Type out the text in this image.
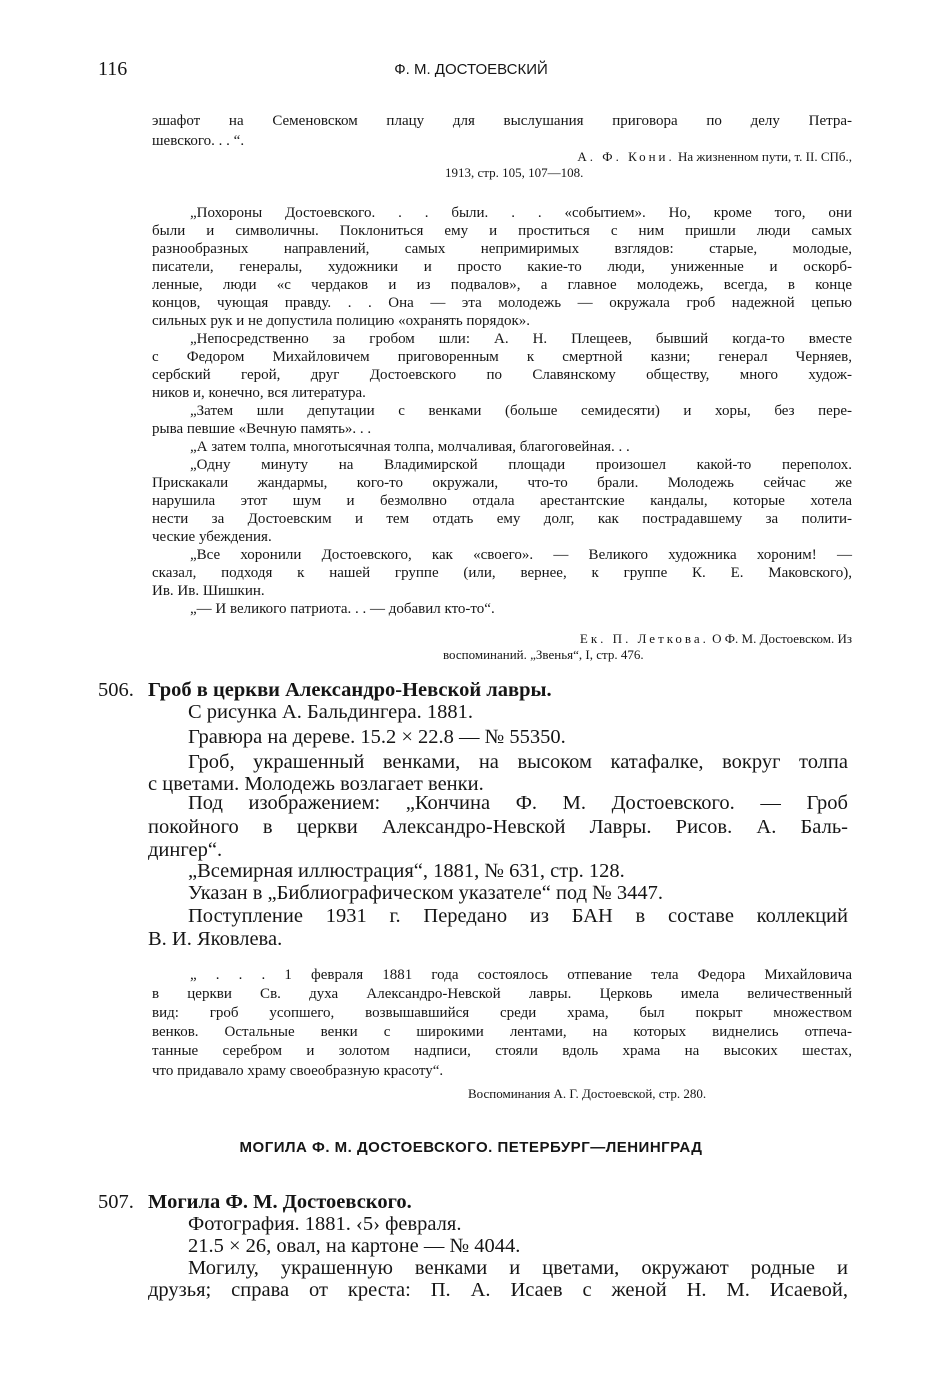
116	Ф. М. ДОСТОЕВСКИЙ
эшафот на Семеновском плацу для выслушания приговора по делу Петра-
шевского. . . “.
А. Ф. Кони. На жизненном пути, т. II. СПб.,
1913, стр. 105, 107—108.
„Похороны Достоевского. . . были. . . «событием». Но, кроме того, они
были и символичны. Поклониться ему и проститься с ним пришли люди самых
разнообразных направлений, самых непримиримых взглядов: старые, молодые,
писатели, генералы, художники и просто какие-то люди, униженные и оскорб-
ленные, люди «с чердаков и из подвалов», а главное молодежь, всегда, в конце
концов, чующая правду. . . Она — эта молодежь — окружала гроб надежной цепью
сильных рук и не допустила полицию «охранять порядок».
„Непосредственно за гробом шли: А. Н. Плещеев, бывший когда-то вместе
с Федором Михайловичем приговоренным к смертной казни; генерал Черняев,
сербский герой, друг Достоевского по Славянскому обществу, много худож-
ников и, конечно, вся литература.
„Затем шли депутации с венками (больше семидесяти) и хоры, без пере-
рыва певшие «Вечную память». . .
„А затем толпа, многотысячная толпа, молчаливая, благоговейная. . .
„Одну минуту на Владимирской площади произошел какой-то переполох.
Прискакали жандармы, кого-то окружали, что-то брали. Молодежь сейчас же
нарушила этот шум и безмолвно отдала арестантские кандалы, которые хотела
нести за Достоевским и тем отдать ему долг, как пострадавшему за полити-
ческие убеждения.
„Все хоронили Достоевского, как «своего». — Великого художника хороним! —
сказал, подходя к нашей группе (или, вернее, к группе К. Е. Маковского),
Ив. Ив. Шишкин.
„— И великого патриота. . . — добавил кто-то“.
Ек. П. Леткова. О Ф. М. Достоевском. Из
воспоминаний. „Звенья“, I, стр. 476.
506. Гроб в церкви Александро-Невской лавры.
С рисунка А. Бальдингера. 1881.
Гравюра на дереве. 15.2 × 22.8 — № 55350.
Гроб, украшенный венками, на высоком катафалке, вокруг толпа
с цветами. Молодежь возлагает венки.
Под изображением: „Кончина Ф. М. Достоевского. — Гроб
покойного в церкви Александро-Невской Лавры. Рисов. А. Баль-
дингер“.
„Всемирная иллюстрация“, 1881, № 631, стр. 128.
Указан в „Библиографическом указателе“ под № 3447.
Поступление 1931 г. Передано из БАН в составе коллекций
В. И. Яковлева.
„ . . . 1 февраля 1881 года состоялось отпевание тела Федора Михайловича
в церкви Св. духа Александро-Невской лавры. Церковь имела величественный
вид: гроб усопшего, возвышавшийся среди храма, был покрыт множеством
венков. Остальные венки с широкими лентами, на которых виднелись отпеча-
танные серебром и золотом надписи, стояли вдоль храма на высоких шестах,
что придавало храму своеобразную красоту“.
Воспоминания А. Г. Достоевской, стр. 280.
МОГИЛА Ф. М. ДОСТОЕВСКОГО. ПЕТЕРБУРГ—ЛЕНИНГРАД
507. Могила Ф. М. Достоевского.
Фотография. 1881. ‹5› февраля.
21.5 × 26, овал, на картоне — № 4044.
Могилу, украшенную венками и цветами, окружают родные и
друзья; справа от креста: П. А. Исаев с женой Н. М. Исаевой,
